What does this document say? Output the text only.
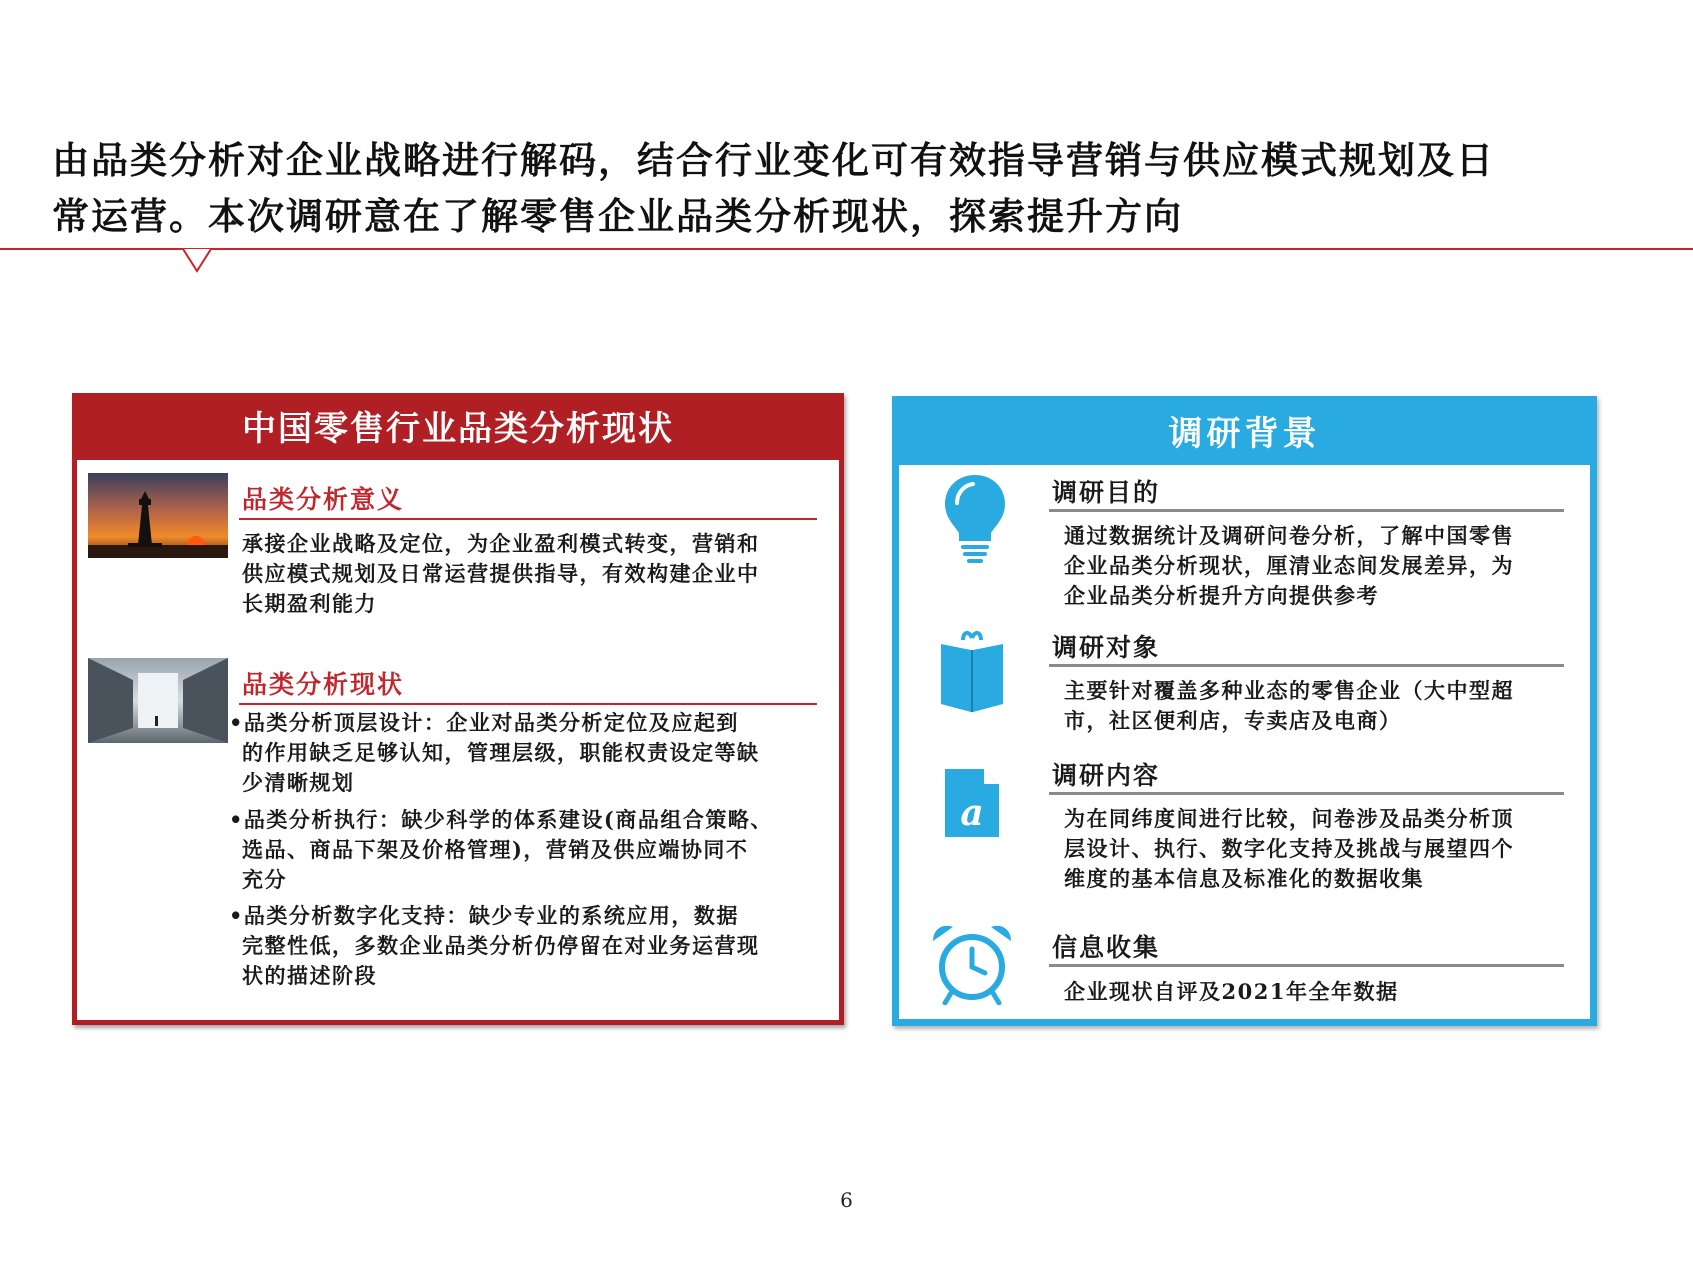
由品类分析对企业战略进行解码，结合行业变化可有效指导营销与供应模式规划及日
常运营。本次调研意在了解零售企业品类分析现状，探索提升方向
中国零售行业品类分析现状
品类分析意义
承接企业战略及定位，为企业盈利模式转变，营销和
供应模式规划及日常运营提供指导，有效构建企业中
长期盈利能力
品类分析现状
•品类分析顶层设计：企业对品类分析定位及应起到
的作用缺乏足够认知，管理层级，职能权责设定等缺
少清晰规划
•品类分析执行：缺少科学的体系建设(商品组合策略、
选品、商品下架及价格管理)，营销及供应端协同不
充分
•品类分析数字化支持：缺少专业的系统应用，数据
完整性低，多数企业品类分析仍停留在对业务运营现
状的描述阶段
调研背景
调研目的
通过数据统计及调研问卷分析，了解中国零售
企业品类分析现状，厘清业态间发展差异，为
企业品类分析提升方向提供参考
调研对象
主要针对覆盖多种业态的零售企业（大中型超
市，社区便利店，专卖店及电商）
a
调研内容
为在同纬度间进行比较，问卷涉及品类分析顶
层设计、执行、数字化支持及挑战与展望四个
维度的基本信息及标准化的数据收集
信息收集
企业现状自评及2021年全年数据
6
